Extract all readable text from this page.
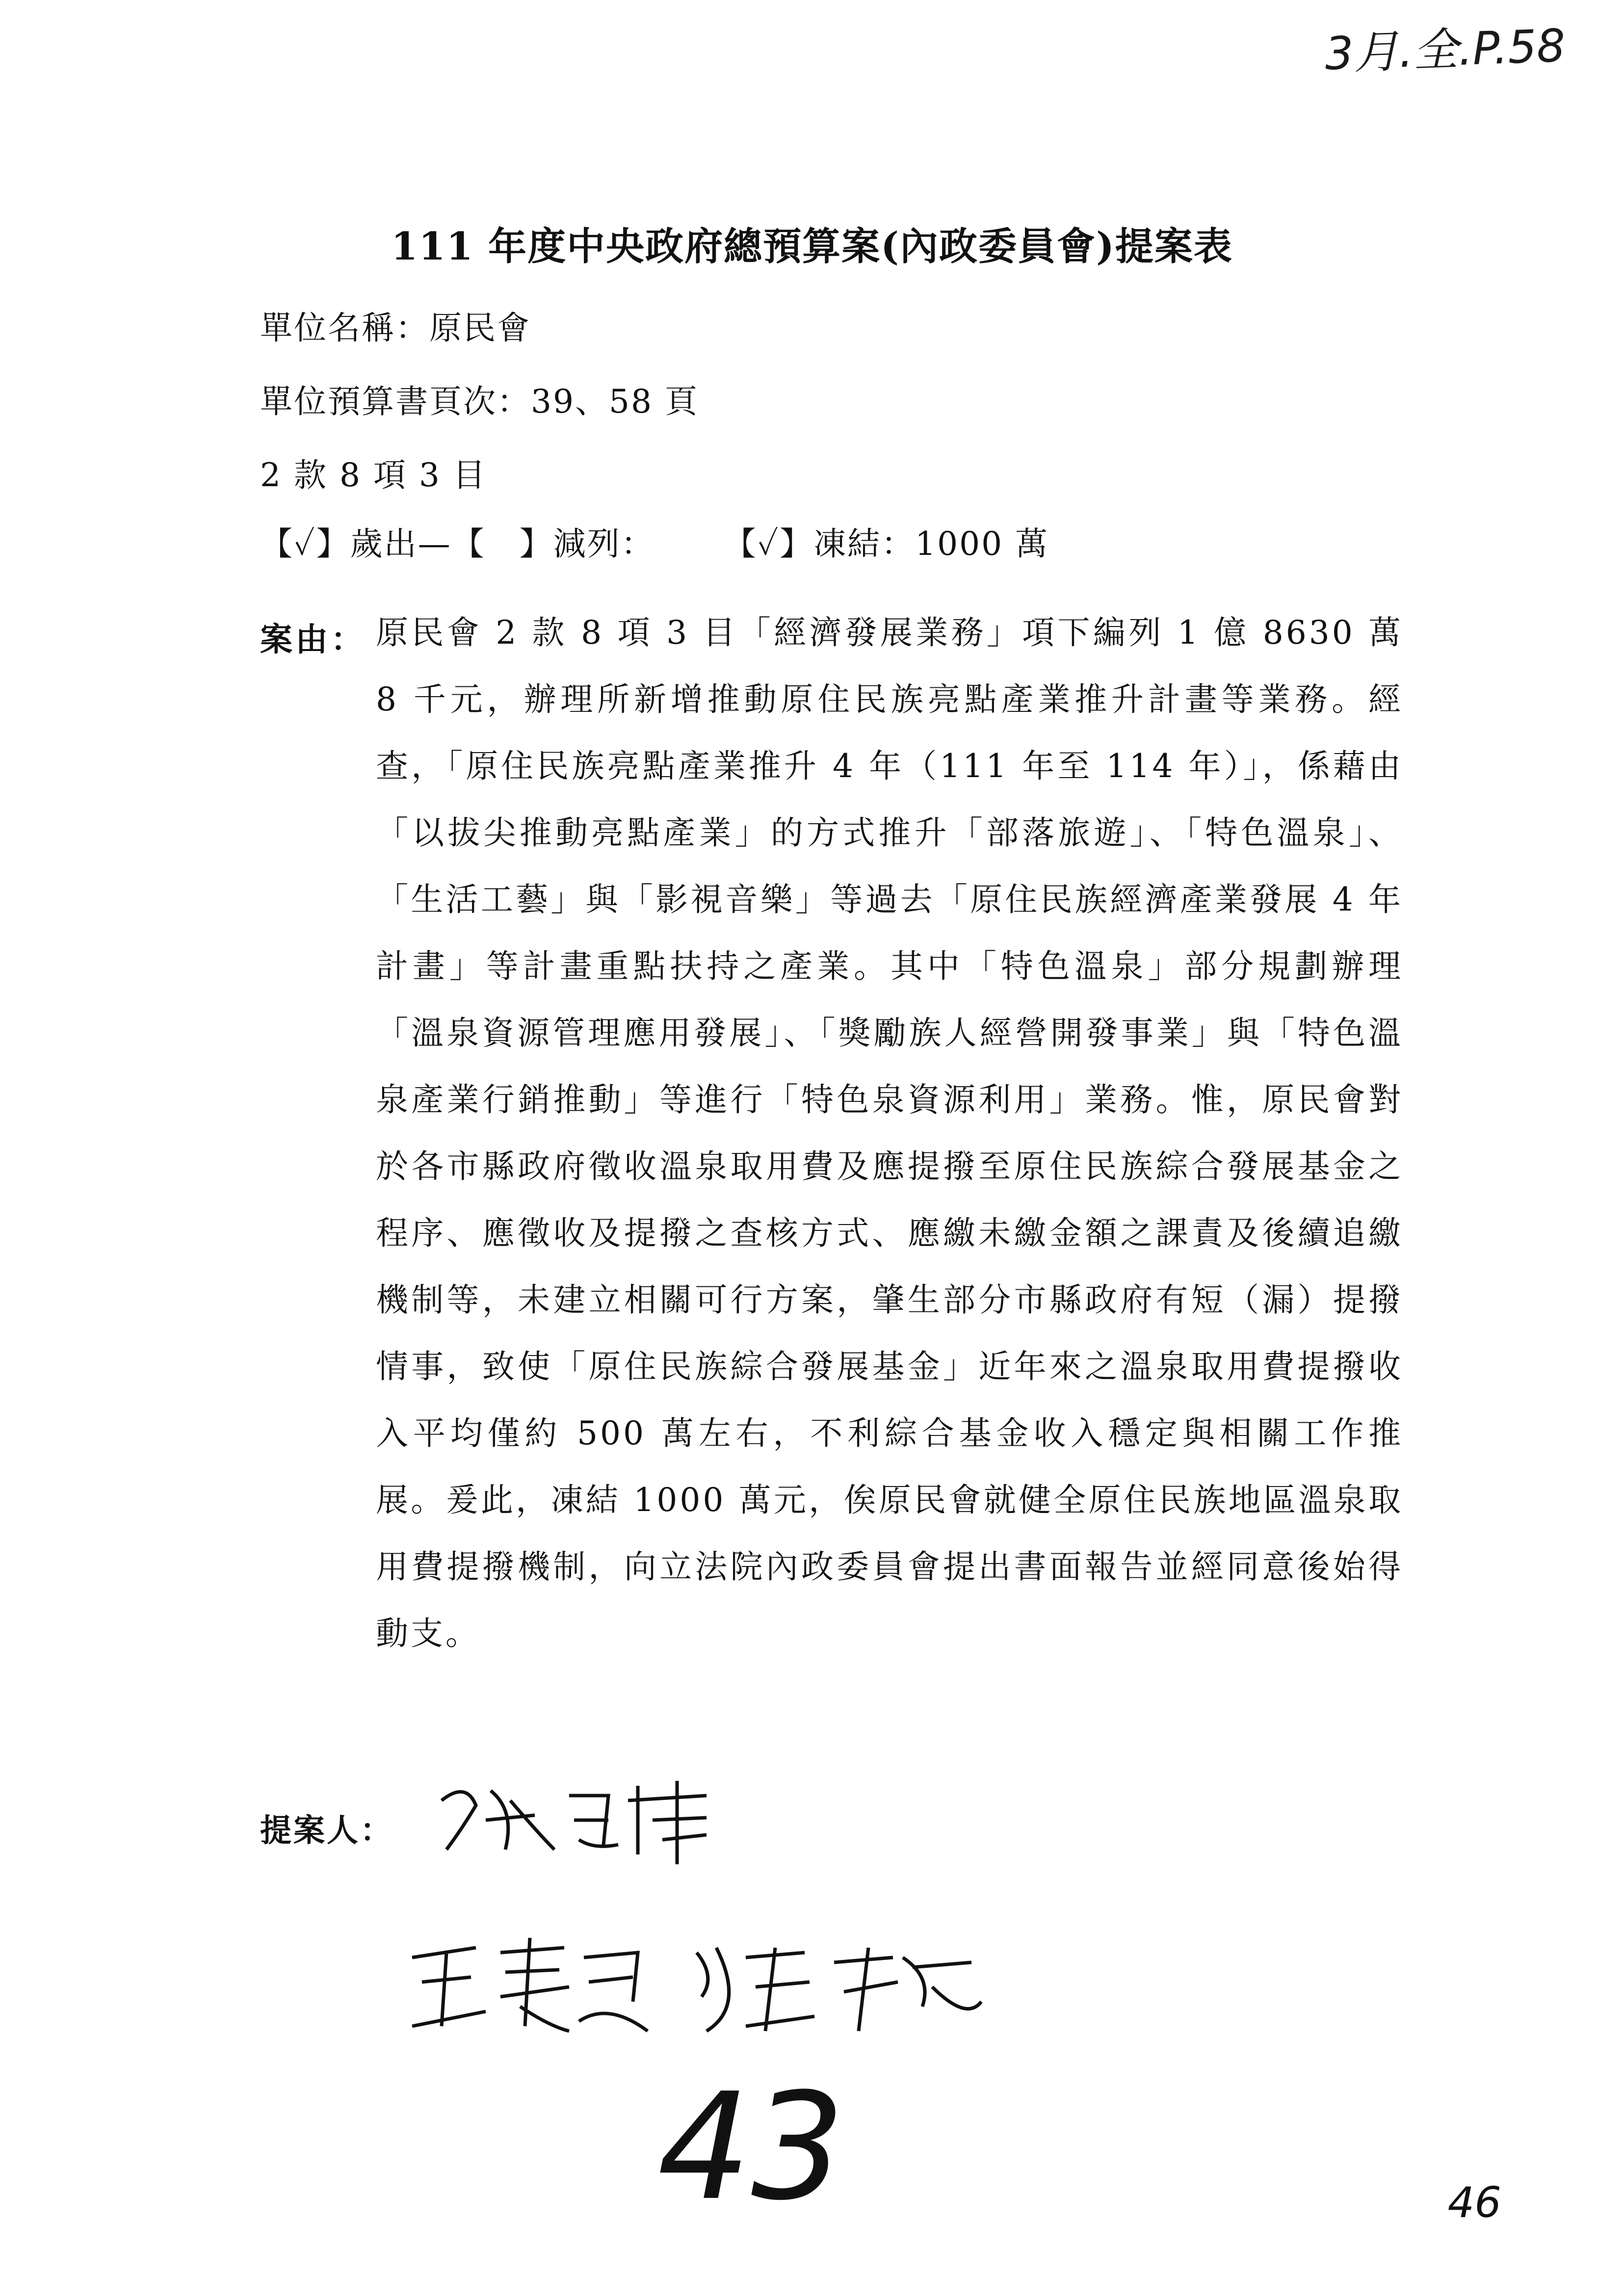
3月.全.P.58
111 年度中央政府總預算案(內政委員會)提案表
單位名稱：原民會
單位預算書頁次：39、58 頁
2 款 8 項 3 目
【✓】歲出—【　】減列： 【✓】凍結：1000 萬
案由： 原民會 2 款 8 項 3 目「經濟發展業務」項下編列 1 億 8630 萬 8 千元，辦理所新增推動原住民族亮點產業推升計畫等業務。經查，「原住民族亮點產業推升 4 年（111 年至 114 年）」，係藉由「以拔尖推動亮點產業」的方式推升「部落旅遊」、「特色溫泉」、「生活工藝」與「影視音樂」等過去「原住民族經濟產業發展 4 年計畫」等計畫重點扶持之產業。其中「特色溫泉」部分規劃辦理「溫泉資源管理應用發展」、「獎勵族人經營開發事業」與「特色溫泉產業行銷推動」等進行「特色泉資源利用」業務。惟，原民會對於各市縣政府徵收溫泉取用費及應提撥至原住民族綜合發展基金之程序、應徵收及提撥之查核方式、應繳未繳金額之課責及後續追繳機制等，未建立相關可行方案，肇生部分市縣政府有短（漏）提撥情事，致使「原住民族綜合發展基金」近年來之溫泉取用費提撥收入平均僅約 500 萬左右，不利綜合基金收入穩定與相關工作推展。爰此，凍結 1000 萬元，俟原民會就健全原住民族地區溫泉取用費提撥機制，向立法院內政委員會提出書面報告並經同意後始得動支。
提案人：
43	46
